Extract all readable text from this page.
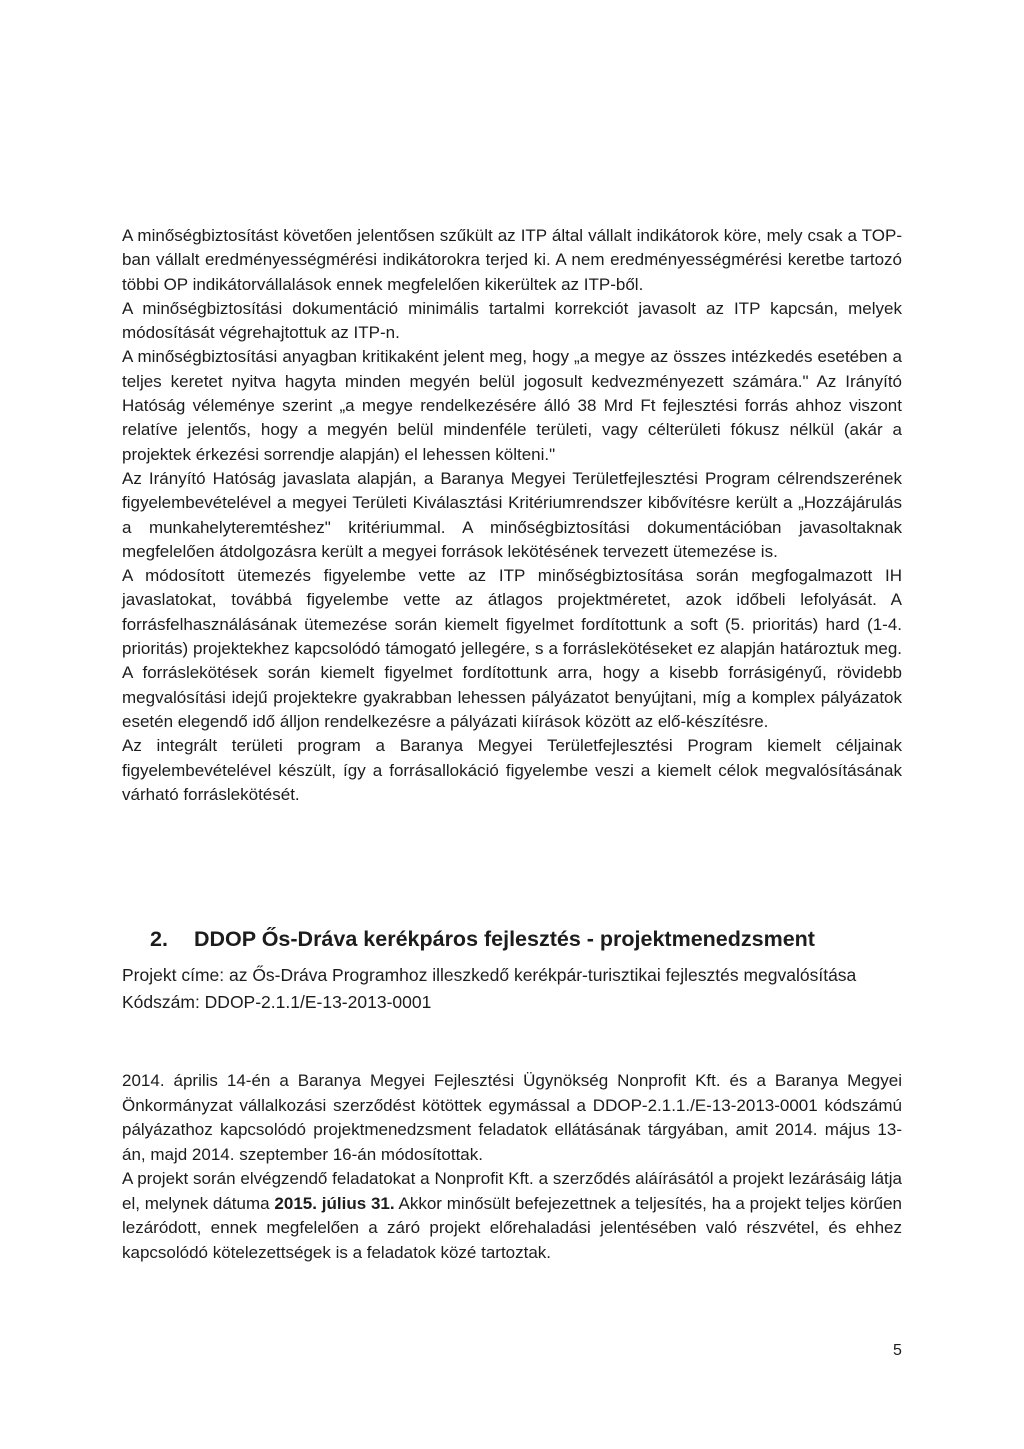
A minőségbiztosítást követően jelentősen szűkült az ITP által vállalt indikátorok köre, mely csak a TOP-ban vállalt eredményességmérési indikátorokra terjed ki. A nem eredményességmérési keretbe tartozó többi OP indikátorvállalások ennek megfelelően kikerültek az ITP-ből.

A minőségbiztosítási dokumentáció minimális tartalmi korrekciót javasolt az ITP kapcsán, melyek módosítását végrehajtottuk az ITP-n.

A minőségbiztosítási anyagban kritikaként jelent meg, hogy „a megye az összes intézkedés esetében a teljes keretet nyitva hagyta minden megyén belül jogosult kedvezményezett számára." Az Irányító Hatóság véleménye szerint „a megye rendelkezésére álló 38 Mrd Ft fejlesztési forrás ahhoz viszont relatíve jelentős, hogy a megyén belül mindenféle területi, vagy célterületi fókusz nélkül (akár a projektek érkezési sorrendje alapján) el lehessen költeni."

Az Irányító Hatóság javaslata alapján, a Baranya Megyei Területfejlesztési Program célrendszerének figyelembevételével a megyei Területi Kiválasztási Kritériumrendszer kibővítésre került a „Hozzájárulás a munkahelyteremtéshez" kritériummal. A minőségbiztosítási dokumentációban javasoltaknak megfelelően átdolgozásra került a megyei források lekötésének tervezett ütemezése is.

A módosított ütemezés figyelembe vette az ITP minőségbiztosítása során megfogalmazott IH javaslatokat, továbbá figyelembe vette az átlagos projektméretet, azok időbeli lefolyását. A forrásfelhasználásának ütemezése során kiemelt figyelmet fordítottunk a soft (5. prioritás) hard (1-4. prioritás) projektekhez kapcsolódó támogató jellegére, s a forráslekötéseket ez alapján határoztuk meg. A forráslekötések során kiemelt figyelmet fordítottunk arra, hogy a kisebb forrásigényű, rövidebb megvalósítási idejű projektekre gyakrabban lehessen pályázatot benyújtani, míg a komplex pályázatok esetén elegendő idő álljon rendelkezésre a pályázati kiírások között az elő-készítésre.

Az integrált területi program a Baranya Megyei Területfejlesztési Program kiemelt céljainak figyelembevételével készült, így a forrásallokáció figyelembe veszi a kiemelt célok megvalósításának várható forráslekötését.

2. DDOP Ős-Dráva kerékpáros fejlesztés - projektmenedzsment

Projekt címe: az Ős-Dráva Programhoz illeszkedő kerékpár-turisztikai fejlesztés megvalósítása

Kódszám: DDOP-2.1.1/E-13-2013-0001

2014. április 14-én a Baranya Megyei Fejlesztési Ügynökség Nonprofit Kft. és a Baranya Megyei Önkormányzat vállalkozási szerződést kötöttek egymással a DDOP-2.1.1./E-13-2013-0001 kódszámú pályázathoz kapcsolódó projektmenedzsment feladatok ellátásának tárgyában, amit 2014. május 13-án, majd 2014. szeptember 16-án módosítottak.

A projekt során elvégzendő feladatokat a Nonprofit Kft. a szerződés aláírásától a projekt lezárásáig látja el, melynek dátuma 2015. július 31. Akkor minősült befejezettnek a teljesítés, ha a projekt teljes körűen lezáródott, ennek megfelelően a záró projekt előrehaladási jelentésében való részvétel, és ehhez kapcsolódó kötelezettségek is a feladatok közé tartoztak.

5
